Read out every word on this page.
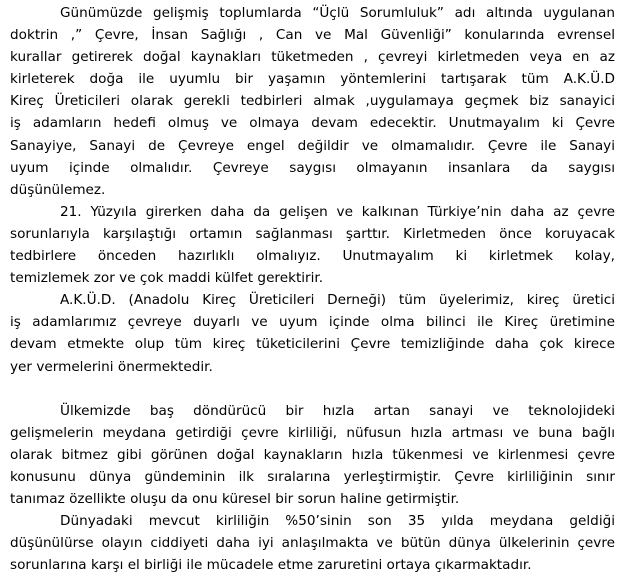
Günümüzde gelişmiş toplumlarda “Üçlü Sorumluluk” adı altında uygulanan
doktrin ,” Çevre, İnsan Sağlığı , Can ve Mal Güvenliği” konularında evrensel
kurallar getirerek doğal kaynakları tüketmeden , çevreyi kirletmeden veya en az
kirleterek doğa ile uyumlu bir yaşamın yöntemlerini tartışarak tüm A.K.Ü.D
Kireç Üreticileri olarak gerekli tedbirleri almak ,uygulamaya geçmek biz sanayici
iş adamların hedefi olmuş ve olmaya devam edecektir. Unutmayalım ki Çevre
Sanayiye, Sanayi de Çevreye engel değildir ve olmamalıdır. Çevre ile Sanayi
uyum içinde olmalıdır. Çevreye saygısı olmayanın insanlara da saygısı
düşünülemez.
21. Yüzyıla girerken daha da gelişen ve kalkınan Türkiye’nin daha az çevre
sorunlarıyla karşılaştığı ortamın sağlanması şarttır. Kirletmeden önce koruyacak
tedbirlere önceden hazırlıklı olmalıyız. Unutmayalım ki kirletmek kolay,
temizlemek zor ve çok maddi külfet gerektirir.
A.K.Ü.D. (Anadolu Kireç Üreticileri Derneği) tüm üyelerimiz, kireç üretici
iş adamlarımız çevreye duyarlı ve uyum içinde olma bilinci ile Kireç üretimine
devam etmekte olup tüm kireç tüketicilerini Çevre temizliğinde daha çok kirece
yer vermelerini önermektedir.
Ülkemizde baş döndürücü bir hızla artan sanayi ve teknolojideki
gelişmelerin meydana getirdiği çevre kirliliği, nüfusun hızla artması ve buna bağlı
olarak bitmez gibi görünen doğal kaynakların hızla tükenmesi ve kirlenmesi çevre
konusunu dünya gündeminin ilk sıralarına yerleştirmiştir. Çevre kirliliğinin sınır
tanımaz özellikte oluşu da onu küresel bir sorun haline getirmiştir.
Dünyadaki mevcut kirliliğin %50’sinin son 35 yılda meydana geldiği
düşünülürse olayın ciddiyeti daha iyi anlaşılmakta ve bütün dünya ülkelerinin çevre
sorunlarına karşı el birliği ile mücadele etme zaruretini ortaya çıkarmaktadır.
